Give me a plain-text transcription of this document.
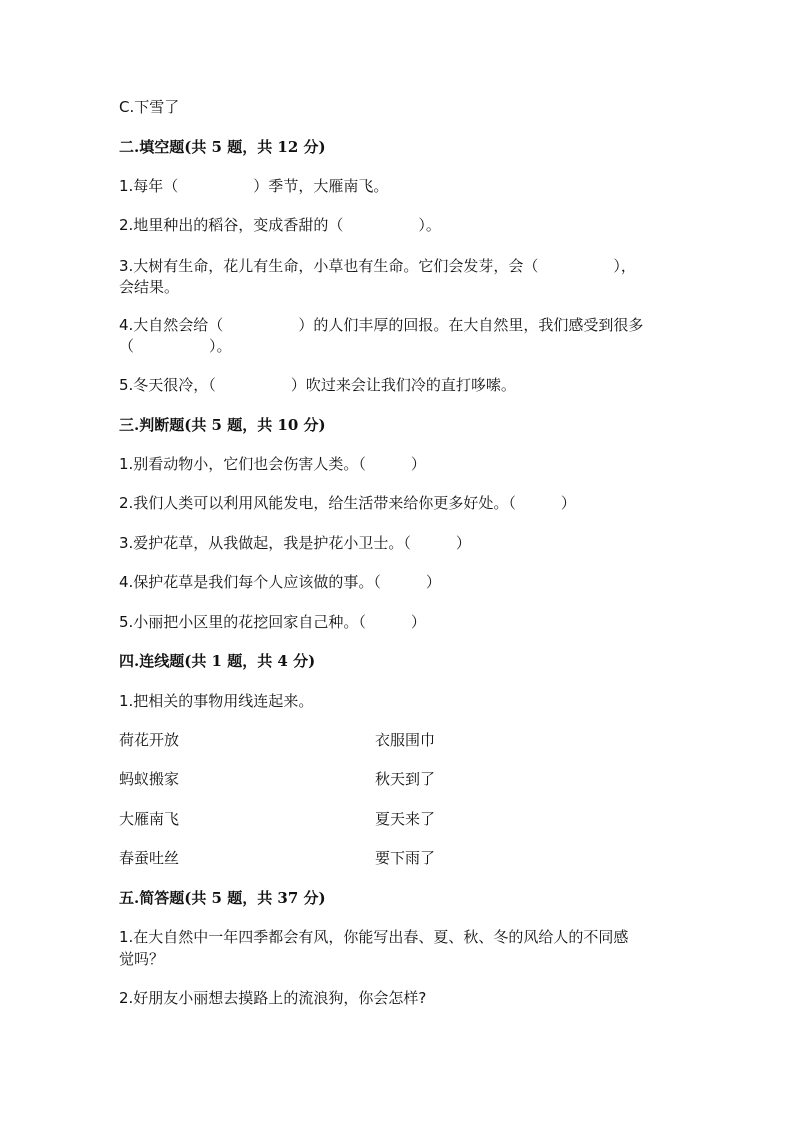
C.下雪了
二.填空题(共 5 题，共 12 分)
1.每年（　　　　　）季节，大雁南飞。
2.地里种出的稻谷，变成香甜的（　　　　　）。
3.大树有生命，花儿有生命，小草也有生命。它们会发芽，会（　　　　　），
会结果。
4.大自然会给（　　　　　）的人们丰厚的回报。在大自然里，我们感受到很多
（　　　　　）。
5.冬天很冷，（　　　　　）吹过来会让我们冷的直打哆嗦。
三.判断题(共 5 题，共 10 分)
1.别看动物小，它们也会伤害人类。（　　　）
2.我们人类可以利用风能发电，给生活带来给你更多好处。（　　　）
3.爱护花草，从我做起，我是护花小卫士。（　　　）
4.保护花草是我们每个人应该做的事。（　　　）
5.小丽把小区里的花挖回家自己种。（　　　）
四.连线题(共 1 题，共 4 分)
1.把相关的事物用线连起来。
荷花开放	衣服围巾
蚂蚁搬家	秋天到了
大雁南飞	夏天来了
春蚕吐丝	要下雨了
五.简答题(共 5 题，共 37 分)
1.在大自然中一年四季都会有风，你能写出春、夏、秋、冬的风给人的不同感
觉吗？
2.好朋友小丽想去摸路上的流浪狗，你会怎样?
